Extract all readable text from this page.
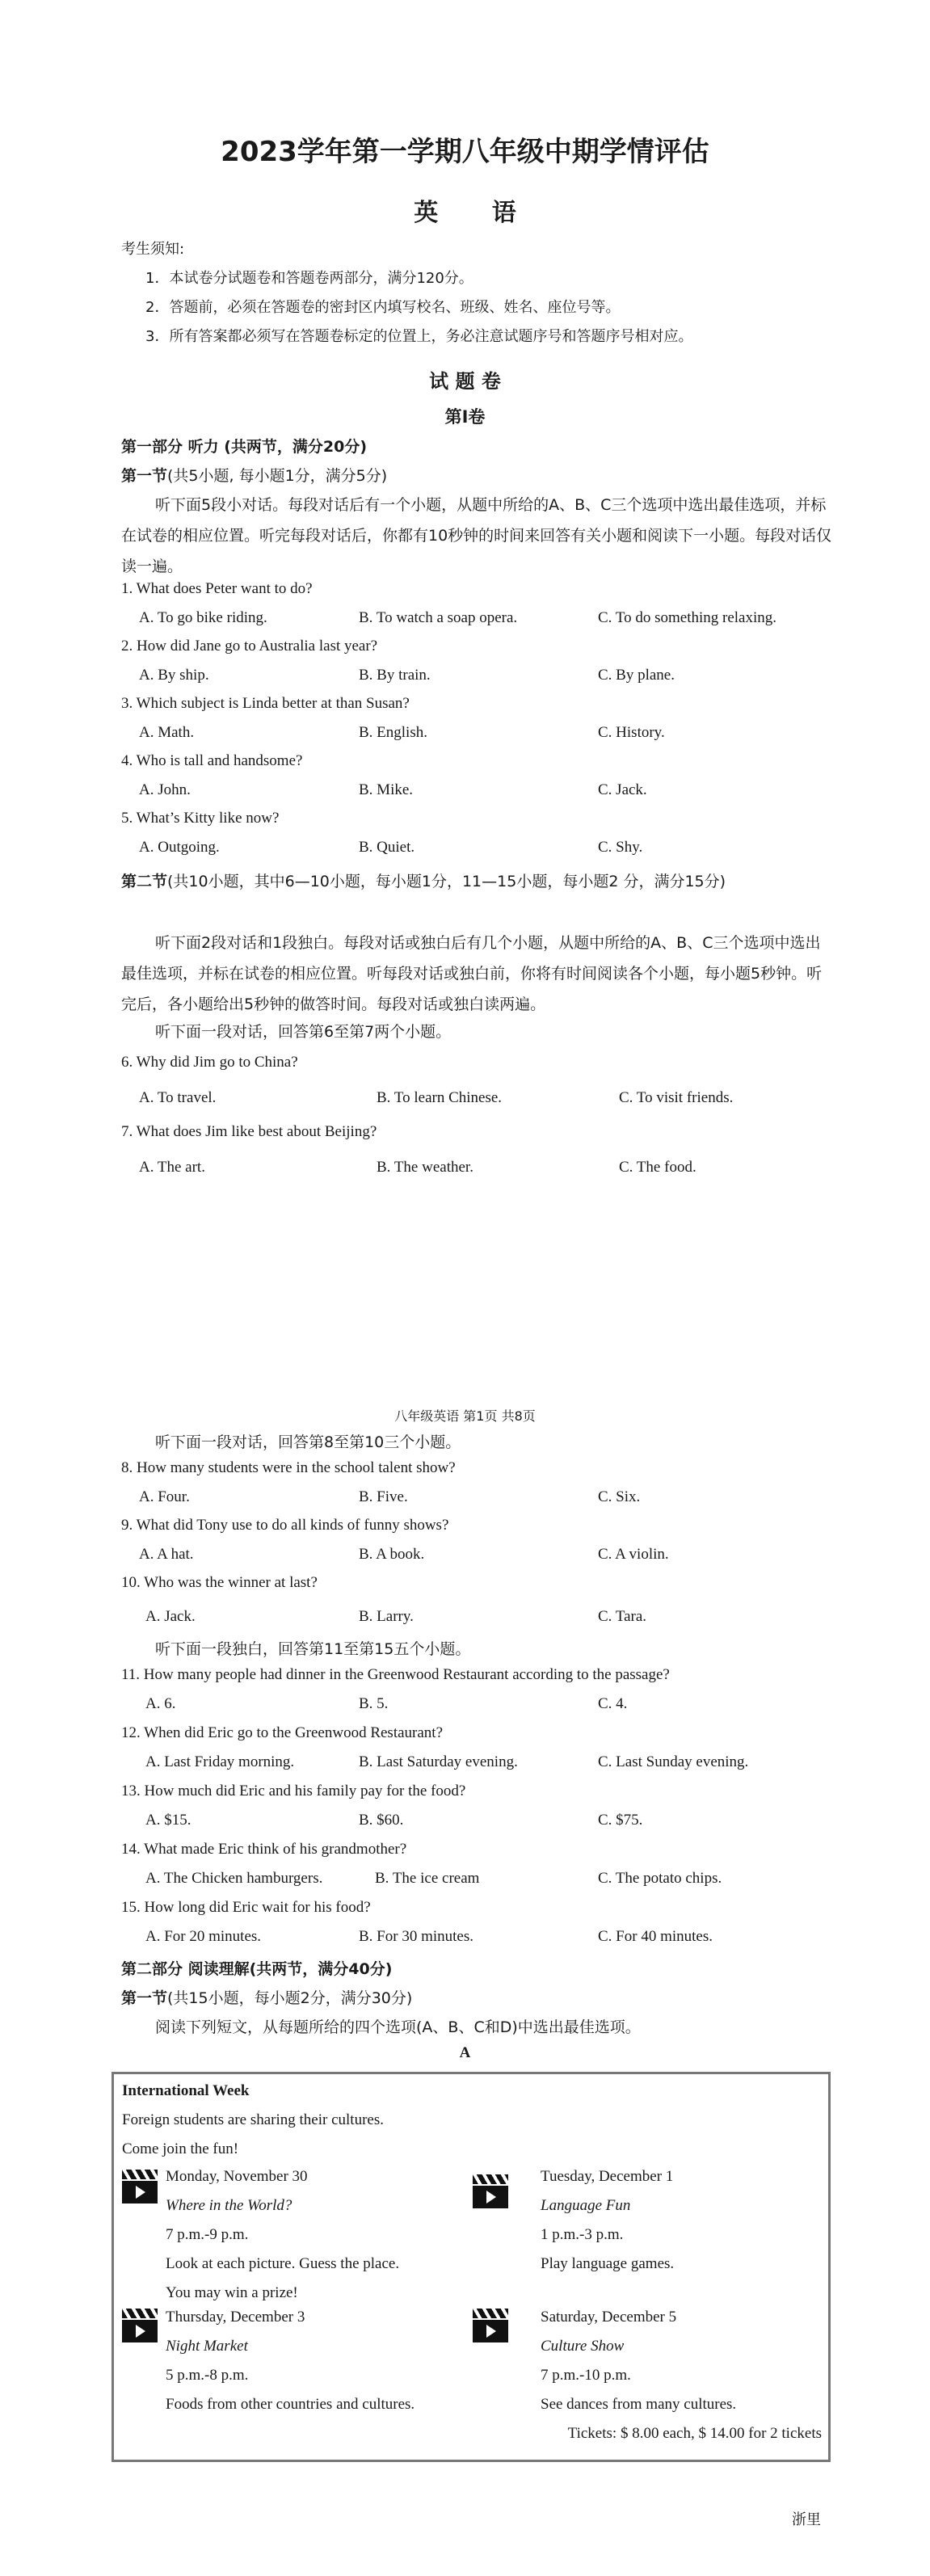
2023学年第一学期八年级中期学情评估
英 语
考生须知:
1．本试卷分试题卷和答题卷两部分，满分120分。
2．答题前，必须在答题卷的密封区内填写校名、班级、姓名、座位号等。
3．所有答案都必须写在答题卷标定的位置上，务必注意试题序号和答题序号相对应。
试 题 卷
第I卷
第一部分 听力 (共两节，满分20分)
第一节(共5小题, 每小题1分，满分5分)
听下面5段小对话。每段对话后有一个小题，从题中所给的A、B、C三个选项中选出最佳选项，并标在试卷的相应位置。听完每段对话后，你都有10秒钟的时间来回答有关小题和阅读下一小题。每段对话仅读一遍。
1. What does Peter want to do?
A. To go bike riding.	B. To watch a soap opera.	C. To do something relaxing.
2. How did Jane go to Australia last year?
A. By ship.	B. By train.	C. By plane.
3. Which subject is Linda better at than Susan?
A. Math.	B. English.	C. History.
4. Who is tall and handsome?
A. John.	B. Mike.	C. Jack.
5. What’s Kitty like now?
A. Outgoing.	B. Quiet.	C. Shy.
第二节(共10小题，其中6—10小题，每小题1分，11—15小题，每小题2 分，满分15分)
听下面2段对话和1段独白。每段对话或独白后有几个小题，从题中所给的A、B、C三个选项中选出最佳选项，并标在试卷的相应位置。听每段对话或独白前，你将有时间阅读各个小题，每小题5秒钟。听完后，各小题给出5秒钟的做答时间。每段对话或独白读两遍。
听下面一段对话，回答第6至第7两个小题。
6. Why did Jim go to China?
A. To travel.	B. To learn Chinese.	C. To visit friends.
7. What does Jim like best about Beijing?
A. The art.	B. The weather.	C. The food.
八年级英语 第1页 共8页
听下面一段对话，回答第8至第10三个小题。
8. How many students were in the school talent show?
A. Four.	B. Five.	C. Six.
9. What did Tony use to do all kinds of funny shows?
A. A hat.	B. A book.	C. A violin.
10. Who was the winner at last?
A. Jack.	B. Larry.	C. Tara.
听下面一段独白，回答第11至第15五个小题。
11. How many people had dinner in the Greenwood Restaurant according to the passage?
A. 6.	B. 5.	C. 4.
12. When did Eric go to the Greenwood Restaurant?
A. Last Friday morning.	B. Last Saturday evening.	C. Last Sunday evening.
13. How much did Eric and his family pay for the food?
A. $15.	B. $60.	C. $75.
14. What made Eric think of his grandmother?
A. The Chicken hamburgers.	B. The ice cream	C. The potato chips.
15. How long did Eric wait for his food?
A. For 20 minutes.	B. For 30 minutes.	C. For 40 minutes.
第二部分 阅读理解(共两节，满分40分)
第一节(共15小题，每小题2分，满分30分)
阅读下列短文，从每题所给的四个选项(A、B、C和D)中选出最佳选项。
A
International Week
Foreign students are sharing their cultures.
Come join the fun!
Monday, November 30
Where in the World?
7 p.m.-9 p.m.
Look at each picture. Guess the place.
You may win a prize!
Tuesday, December 1
Language Fun
1 p.m.-3 p.m.
Play language games.
Thursday, December 3
Night Market
5 p.m.-8 p.m.
Foods from other countries and cultures.
Saturday, December 5
Culture Show
7 p.m.-10 p.m.
See dances from many cultures.
Tickets: $ 8.00 each, $ 14.00 for 2 tickets
浙里
